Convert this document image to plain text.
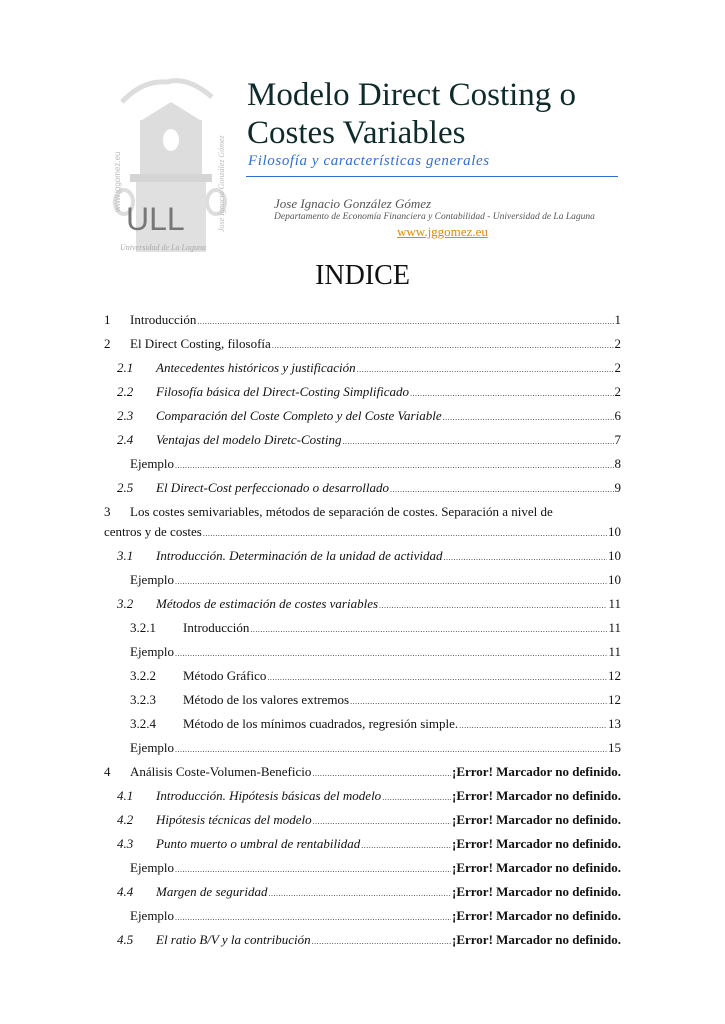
ULL
Universidad de La Laguna
www.jggomez.eu	Jose Ignacio González Gómez
Modelo Direct Costing o
Costes Variables
Filosofía y características generales
Jose Ignacio González Gómez
Departamento de Economía Financiera y Contabilidad - Universidad de La Laguna
www.jggomez.eu
INDICE
1	Introducción .....	1
2	El Direct Costing, filosofía .....	2
2.1	Antecedentes históricos y justificación .....	2
2.2	Filosofía básica del Direct-Costing Simplificado .....	2
2.3	Comparación del Coste Completo y del Coste Variable .....	6
2.4	Ventajas del modelo Diretc-Costing .....	7
Ejemplo .....	8
2.5	El Direct-Cost perfeccionado o desarrollado .....	9
3	Los costes semivariables, métodos de separación de costes. Separación a nivel de
centros y de costes .....	10
3.1	Introducción. Determinación de la unidad de actividad .....	10
Ejemplo .....	10
3.2	Métodos de estimación de costes variables .....	11
3.2.1	Introducción .....	11
Ejemplo .....	11
3.2.2	Método Gráfico .....	12
3.2.3	Método de los valores extremos .....	12
3.2.4	Método de los mínimos cuadrados, regresión simple. .....	13
Ejemplo .....	15
4	Análisis Coste-Volumen-Beneficio .....	¡Error! Marcador no definido.
4.1	Introducción. Hipótesis básicas del modelo .....	¡Error! Marcador no definido.
4.2	Hipótesis técnicas del modelo .....	¡Error! Marcador no definido.
4.3	Punto muerto o umbral de rentabilidad .....	¡Error! Marcador no definido.
Ejemplo .....	¡Error! Marcador no definido.
4.4	Margen de seguridad .....	¡Error! Marcador no definido.
Ejemplo .....	¡Error! Marcador no definido.
4.5	El ratio B/V y la contribución .....	¡Error! Marcador no definido.
